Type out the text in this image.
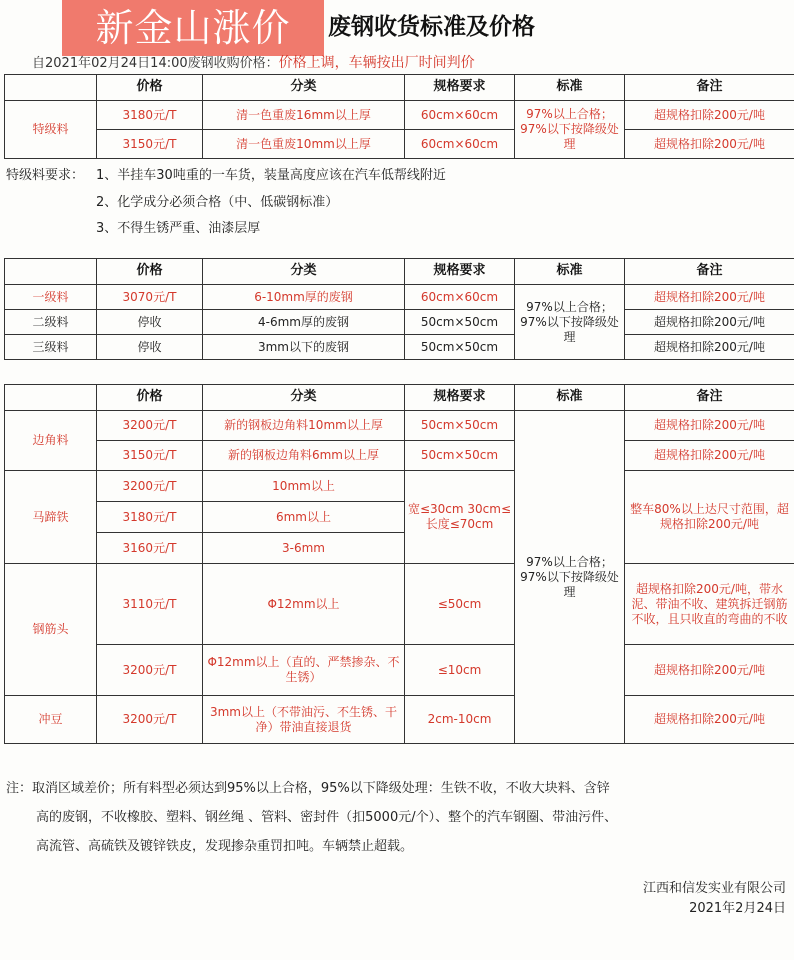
新金山涨价	废钢收货标准及价格
自2021年02月24日14:00废钢收购价格：价格上调，车辆按出厂时间判价
	价格	分类	规格要求	标准	备注
特级料	3180元/T	清一色重废16mm以上厚	60cm×60cm	97%以上合格；97%以下按降级处理	超规格扣除200元/吨
	3150元/T	清一色重废10mm以上厚	60cm×60cm		超规格扣除200元/吨
特级料要求： 1、半挂车30吨重的一车货，装量高度应该在汽车低帮线附近
2、化学成分必须合格（中、低碳钢标准）
3、不得生锈严重、油漆层厚
	价格	分类	规格要求	标准	备注
一级料	3070元/T	6-10mm厚的废钢	60cm×60cm	97%以上合格；97%以下按降级处理	超规格扣除200元/吨
二级料	停收	4-6mm厚的废钢	50cm×50cm		超规格扣除200元/吨
三级料	停收	3mm以下的废钢	50cm×50cm		超规格扣除200元/吨
	价格	分类	规格要求	标准	备注
边角料	3200元/T	新的钢板边角料10mm以上厚	50cm×50cm	97%以上合格；97%以下按降级处理	超规格扣除200元/吨
	3150元/T	新的钢板边角料6mm以上厚	50cm×50cm		超规格扣除200元/吨
马蹄铁	3200元/T	10mm以上	宽≤30cm 30cm≤长度≤70cm		整车80%以上达尺寸范围，超规格扣除200元/吨
	3180元/T	6mm以上			
	3160元/T	3-6mm			
钢筋头	3110元/T	Φ12mm以上	≤50cm		超规格扣除200元/吨，带水泥、带油不收、建筑拆迁钢筋不收，且只收直的弯曲的不收
	3200元/T	Φ12mm以上（直的、严禁掺杂、不生锈）	≤10cm		超规格扣除200元/吨
冲豆	3200元/T	3mm以上（不带油污、不生锈、干净）带油直接退货	2cm-10cm		超规格扣除200元/吨
注：取消区域差价；所有料型必须达到95%以上合格，95%以下降级处理：生铁不收，不收大块料、含锌
高的废钢，不收橡胶、塑料、钢丝绳 、管料、密封件（扣5000元/个）、整个的汽车钢圈、带油污件、
高流管、高硫铁及镀锌铁皮，发现掺杂重罚扣吨。车辆禁止超载。
江西和信发实业有限公司
2021年2月24日
